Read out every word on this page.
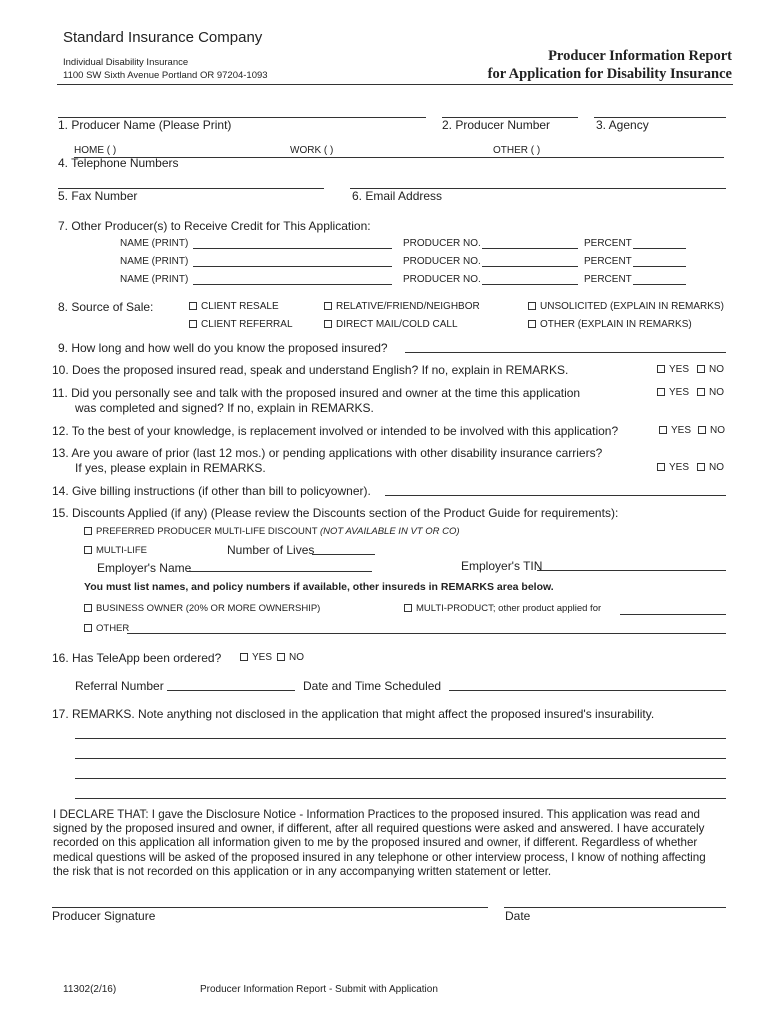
Standard Insurance Company
Individual Disability Insurance
1100 SW Sixth Avenue Portland OR 97204-1093
Producer Information Report
for Application for Disability Insurance
1. Producer Name (Please Print)	2. Producer Number	3. Agency
HOME ( )	WORK ( )	OTHER ( )
4. Telephone Numbers
5. Fax Number	6. Email Address
7. Other Producer(s) to Receive Credit for This Application:
NAME (PRINT)	PRODUCER NO.	PERCENT
NAME (PRINT)	PRODUCER NO.	PERCENT
NAME (PRINT)	PRODUCER NO.	PERCENT
8. Source of Sale:	CLIENT RESALE	RELATIVE/FRIEND/NEIGHBOR	UNSOLICITED (EXPLAIN IN REMARKS)
CLIENT REFERRAL	DIRECT MAIL/COLD CALL	OTHER (EXPLAIN IN REMARKS)
9. How long and how well do you know the proposed insured?
10. Does the proposed insured read, speak and understand English? If no, explain in REMARKS.	YES	NO
11. Did you personally see and talk with the proposed insured and owner at the time this application
was completed and signed? If no, explain in REMARKS.
YES	NO
12. To the best of your knowledge, is replacement involved or intended to be involved with this application?	YES	NO
13. Are you aware of prior (last 12 mos.) or pending applications with other disability insurance carriers?
If yes, please explain in REMARKS.	YES	NO
14. Give billing instructions (if other than bill to policyowner).
15. Discounts Applied (if any) (Please review the Discounts section of the Product Guide for requirements):
PREFERRED PRODUCER MULTI-LIFE DISCOUNT (NOT AVAILABLE IN VT OR CO)
MULTI-LIFE	Number of Lives
Employer's Name	Employer's TIN
You must list names, and policy numbers if available, other insureds in REMARKS area below.
BUSINESS OWNER (20% OR MORE OWNERSHIP)	MULTI-PRODUCT; other product applied for
OTHER
16. Has TeleApp been ordered?	YES	NO
Referral Number	Date and Time Scheduled
17. REMARKS. Note anything not disclosed in the application that might affect the proposed insured's insurability.
I DECLARE THAT: I gave the Disclosure Notice - Information Practices to the proposed insured. This application was read and signed by the proposed insured and owner, if different, after all required questions were asked and answered. I have accurately recorded on this application all information given to me by the proposed insured and owner, if different. Regardless of whether medical questions will be asked of the proposed insured in any telephone or other interview process, I know of nothing affecting the risk that is not recorded on this application or in any accompanying written statement or letter.
Producer Signature	Date
11302(2/16)	Producer Information Report - Submit with Application
